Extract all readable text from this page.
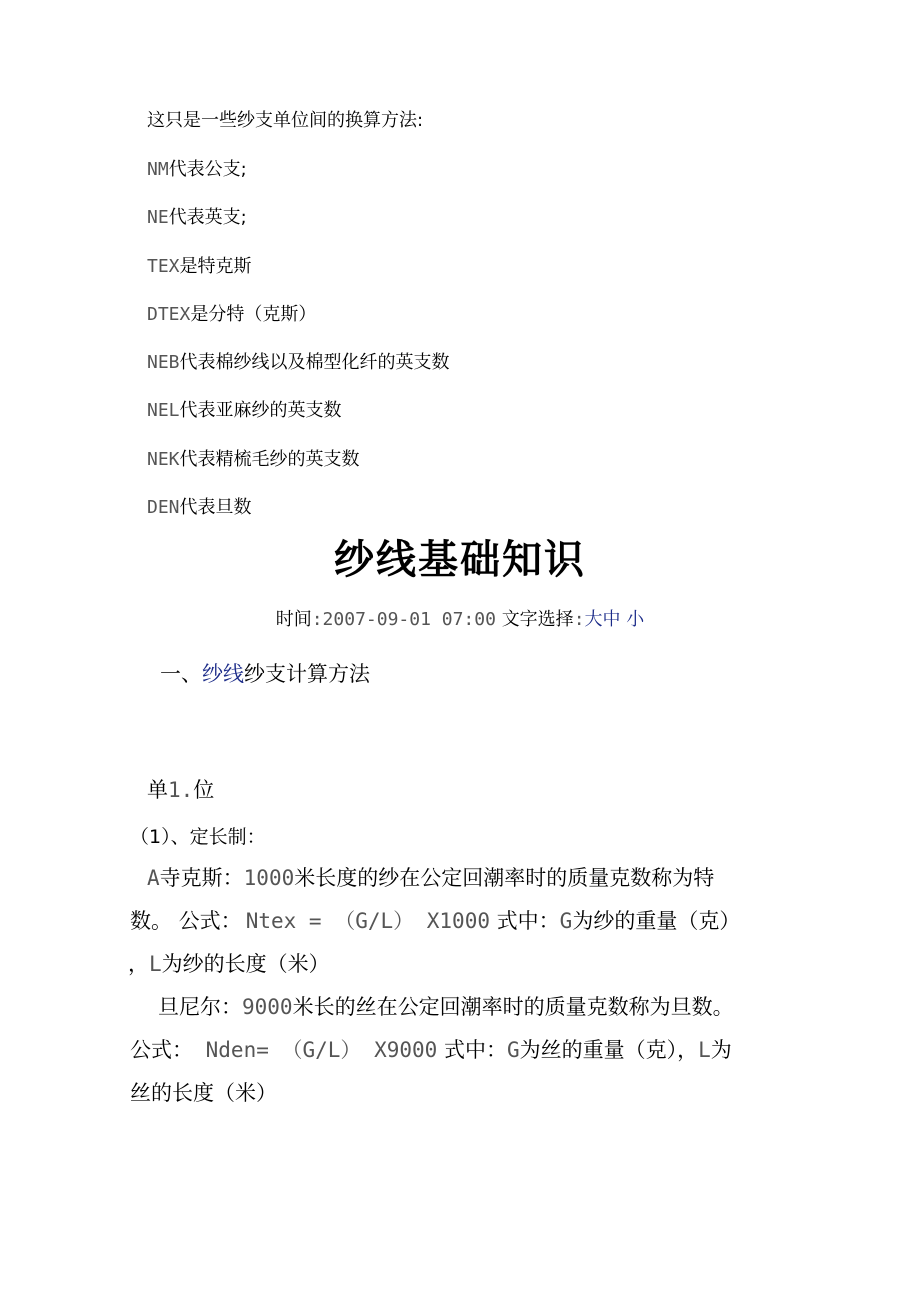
这只是一些纱支单位间的换算方法:
NM代表公支;
NE代表英支;
TEX是特克斯
DTEX是分特（克斯）
NEB代表棉纱线以及棉型化纤的英支数
NEL代表亚麻纱的英支数
NEK代表精梳毛纱的英支数
DEN代表旦数
纱线基础知识
时间:2007-09-01 07:00 文字选择:大中 小
一、纱线纱支计算方法
单1.位
（1）、定长制：
A寺克斯：1000米长度的纱在公定回潮率时的质量克数称为特
数。 公式： Ntex = （G/L） X1000 式中：G为纱的重量（克）
，L为纱的长度（米）
旦尼尔：9000米长的丝在公定回潮率时的质量克数称为旦数。
公式： Nden= （G/L） X9000 式中：G为丝的重量（克），L为
丝的长度（米）
